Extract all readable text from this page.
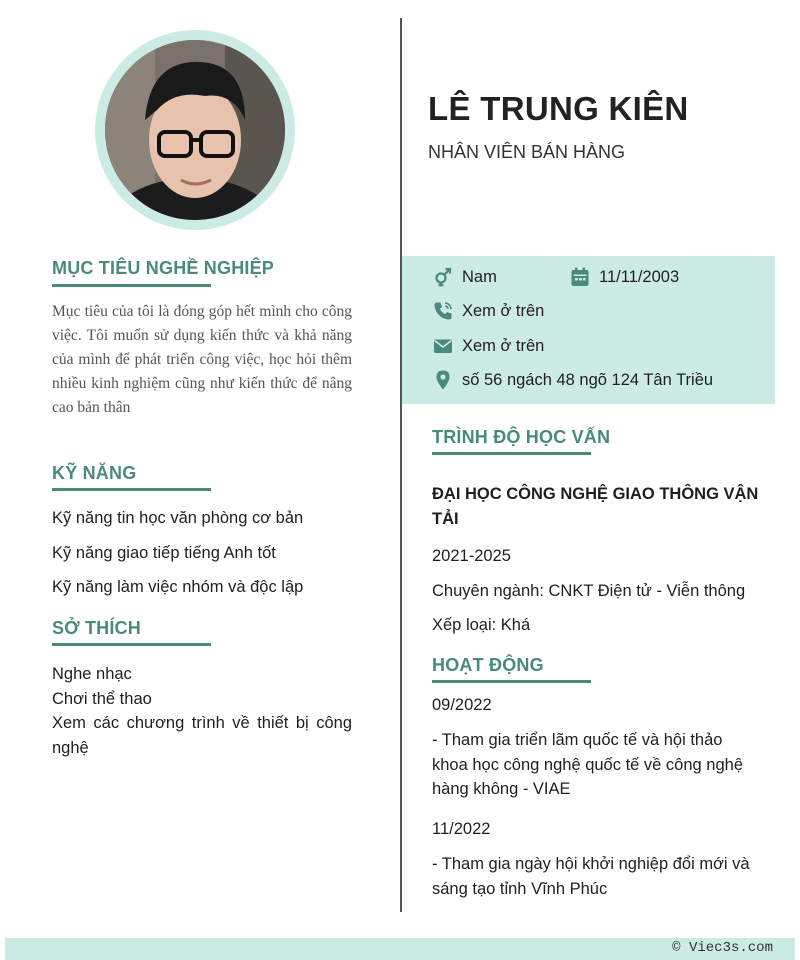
MỤC TIÊU NGHỀ NGHIỆP
Mục tiêu của tôi là đóng góp hết mình cho công việc. Tôi muốn sử dụng kiến thức và khả năng của mình để phát triển công việc, học hỏi thêm nhiều kinh nghiệm cũng như kiến thức để nâng cao bản thân
KỸ NĂNG
Kỹ năng tin học văn phòng cơ bản
Kỹ năng giao tiếp tiếng Anh tốt
Kỹ năng làm việc nhóm và độc lập
SỞ THÍCH
Nghe nhạc
Chơi thể thao
Xem các chương trình về thiết bị công nghệ
LÊ TRUNG KIÊN
NHÂN VIÊN BÁN HÀNG
Nam	11/11/2003
Xem ở trên
Xem ở trên
số 56 ngách 48 ngõ 124 Tân Triều
TRÌNH ĐỘ HỌC VẤN
ĐẠI HỌC CÔNG NGHỆ GIAO THÔNG VẬN TẢI
2021-2025
Chuyên ngành: CNKT Điện tử - Viễn thông
Xếp loại: Khá
HOẠT ĐỘNG
09/2022
- Tham gia triển lãm quốc tế và hội thảo khoa học công nghệ quốc tế về công nghệ hàng không - VIAE
11/2022
- Tham gia ngày hội khởi nghiệp đổi mới và sáng tạo tỉnh Vĩnh Phúc
© Viec3s.com
